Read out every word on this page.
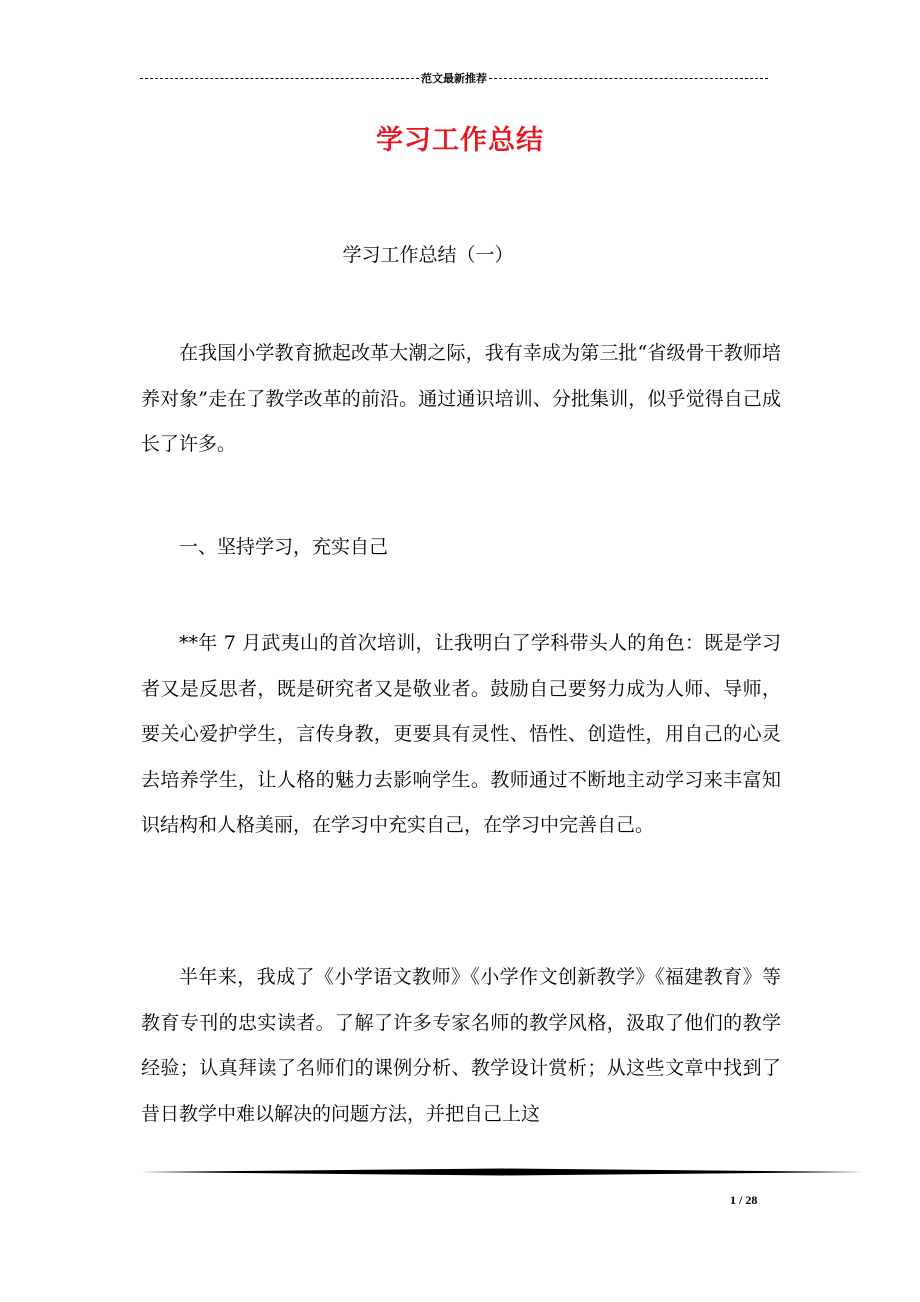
范文最新推荐
学习工作总结
学习工作总结（一）
在我国小学教育掀起改革大潮之际，我有幸成为第三批“省级骨干教师培养对象”走在了教学改革的前沿。通过通识培训、分批集训，似乎觉得自己成长了许多。
一、坚持学习，充实自己
**年 7 月武夷山的首次培训，让我明白了学科带头人的角色：既是学习者又是反思者，既是研究者又是敬业者。鼓励自己要努力成为人师、导师，要关心爱护学生，言传身教，更要具有灵性、悟性、创造性，用自己的心灵去培养学生，让人格的魅力去影响学生。教师通过不断地主动学习来丰富知识结构和人格美丽，在学习中充实自己，在学习中完善自己。
半年来，我成了《小学语文教师》《小学作文创新教学》《福建教育》等教育专刊的忠实读者。了解了许多专家名师的教学风格，汲取了他们的教学经验；认真拜读了名师们的课例分析、教学设计赏析；从这些文章中找到了昔日教学中难以解决的问题方法，并把自己上这
1 / 28
